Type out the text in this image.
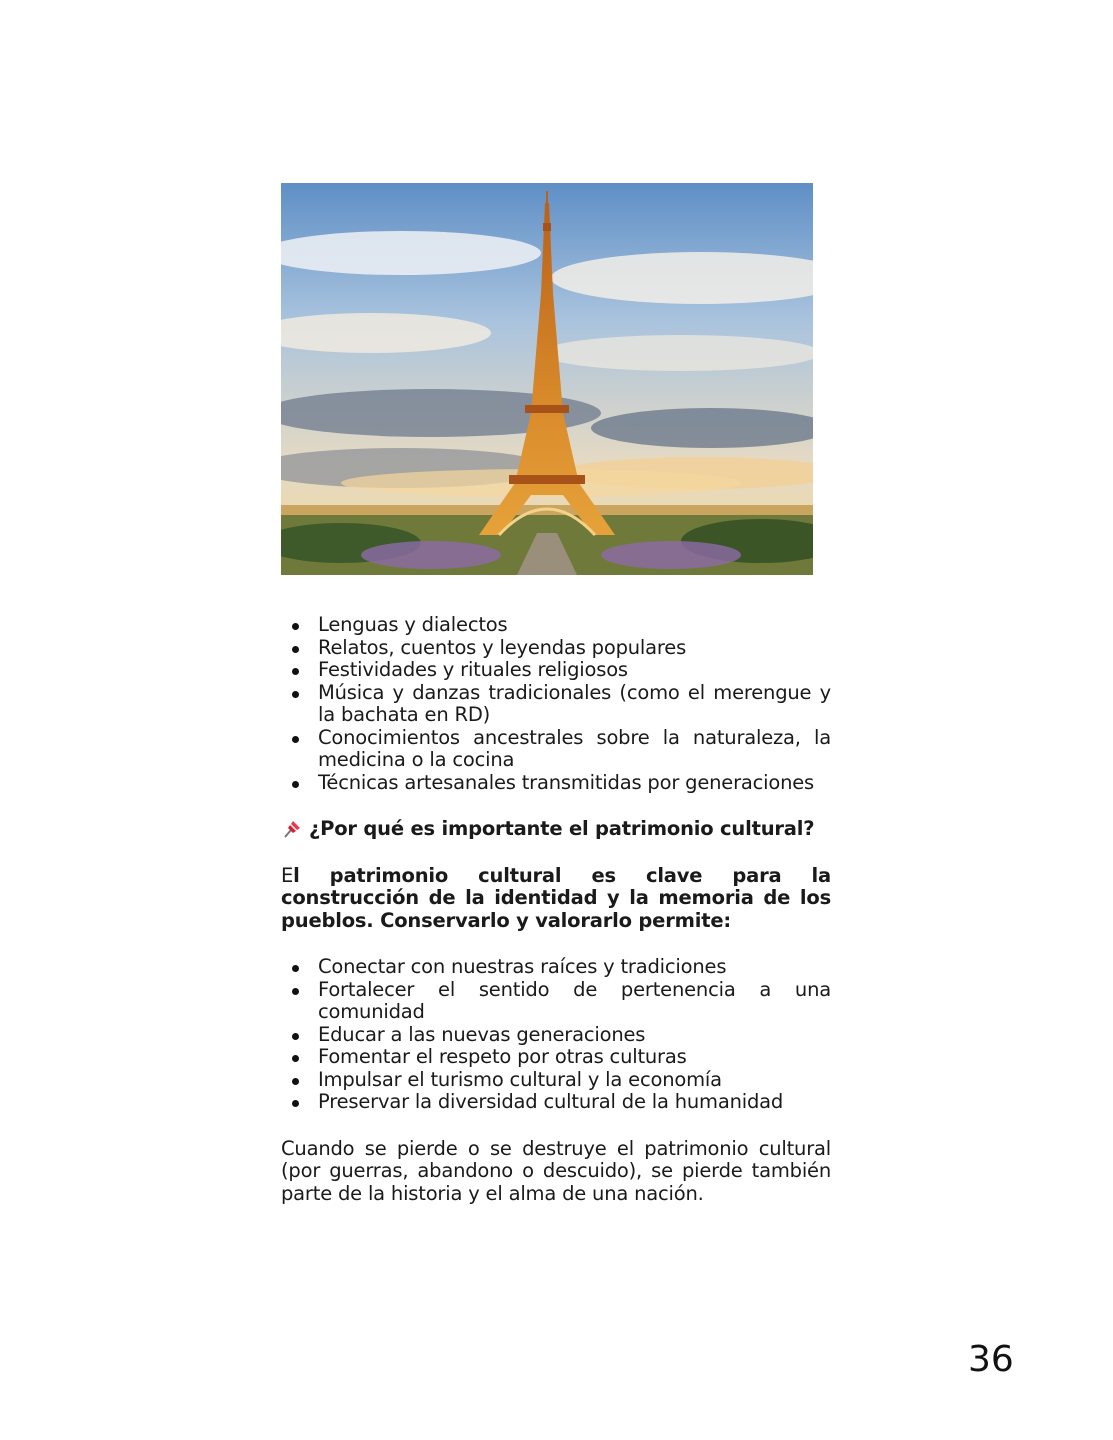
Lenguas y dialectos
Relatos, cuentos y leyendas populares
Festividades y rituales religiosos
Música y danzas tradicionales (como el merengue y la bachata en RD)
Conocimientos ancestrales sobre la naturaleza, la medicina o la cocina
Técnicas artesanales transmitidas por generaciones
¿Por qué es importante el patrimonio cultural?

El patrimonio cultural es clave para la construcción de la identidad y la memoria de los pueblos. Conservarlo y valorarlo permite:

Conectar con nuestras raíces y tradiciones
Fortalecer el sentido de pertenencia a una comunidad
Educar a las nuevas generaciones
Fomentar el respeto por otras culturas
Impulsar el turismo cultural y la economía
Preservar la diversidad cultural de la humanidad

Cuando se pierde o se destruye el patrimonio cultural (por guerras, abandono o descuido), se pierde también parte de la historia y el alma de una nación.

36
